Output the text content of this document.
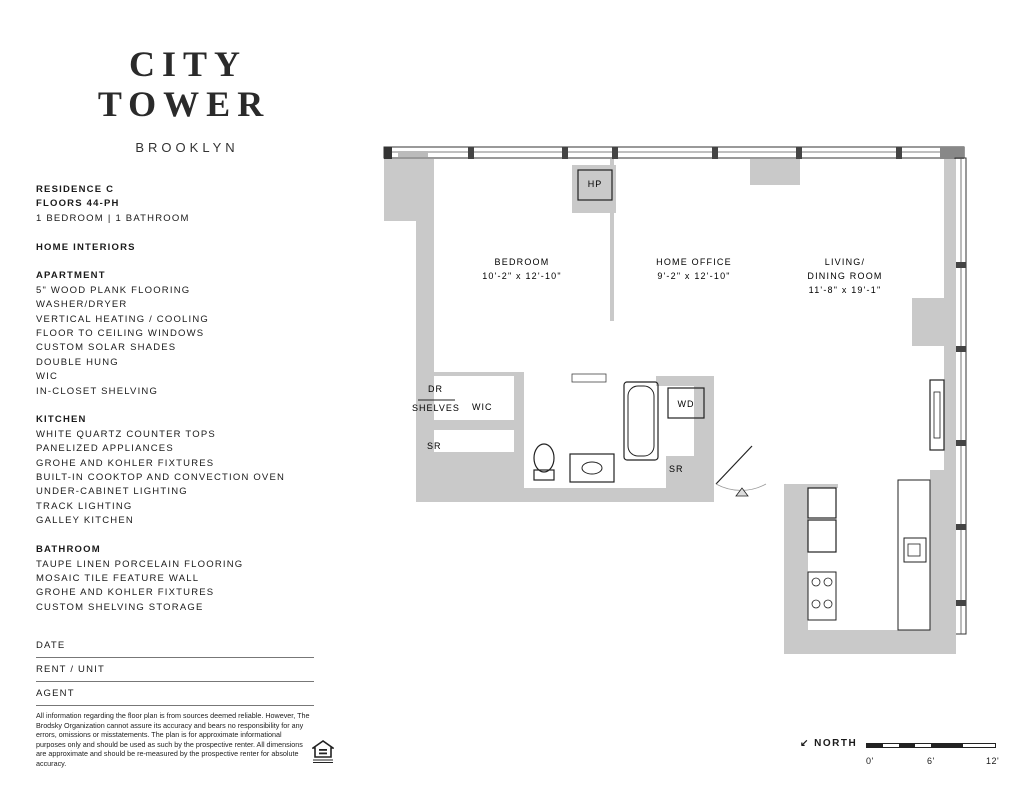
CITY
TOWER
BROOKLYN
RESIDENCE C
FLOORS 44-PH
1 BEDROOM | 1 BATHROOM
HOME INTERIORS
APARTMENT
5" WOOD PLANK FLOORING
WASHER/DRYER
VERTICAL HEATING / COOLING
FLOOR TO CEILING WINDOWS
CUSTOM SOLAR SHADES
DOUBLE HUNG
WIC
IN-CLOSET SHELVING
KITCHEN
WHITE QUARTZ COUNTER TOPS
PANELIZED APPLIANCES
GROHE AND KOHLER FIXTURES
BUILT-IN COOKTOP AND CONVECTION OVEN
UNDER-CABINET LIGHTING
TRACK LIGHTING
GALLEY KITCHEN
BATHROOM
TAUPE LINEN PORCELAIN FLOORING
MOSAIC TILE FEATURE WALL
GROHE AND KOHLER FIXTURES
CUSTOM SHELVING STORAGE
DATE
RENT / UNIT
AGENT
All information regarding the floor plan is from sources deemed reliable. However, The Brodsky Organization cannot assure its accuracy and bears no responsibility for any errors, omissions or misstatements. The plan is for approximate informational purposes only and should be used as such by the prospective renter. All dimensions are approximate and should be re-measured by the prospective renter for absolute accuracy.
HP
BEDROOM
10'-2" x 12'-10"
HOME OFFICE
9'-2" x 12'-10"
LIVING/
DINING ROOM
11'-8" x 19'-1"
DR
SHELVES WIC
SR
WD
SR
↙ NORTH
0'	6'	12'
